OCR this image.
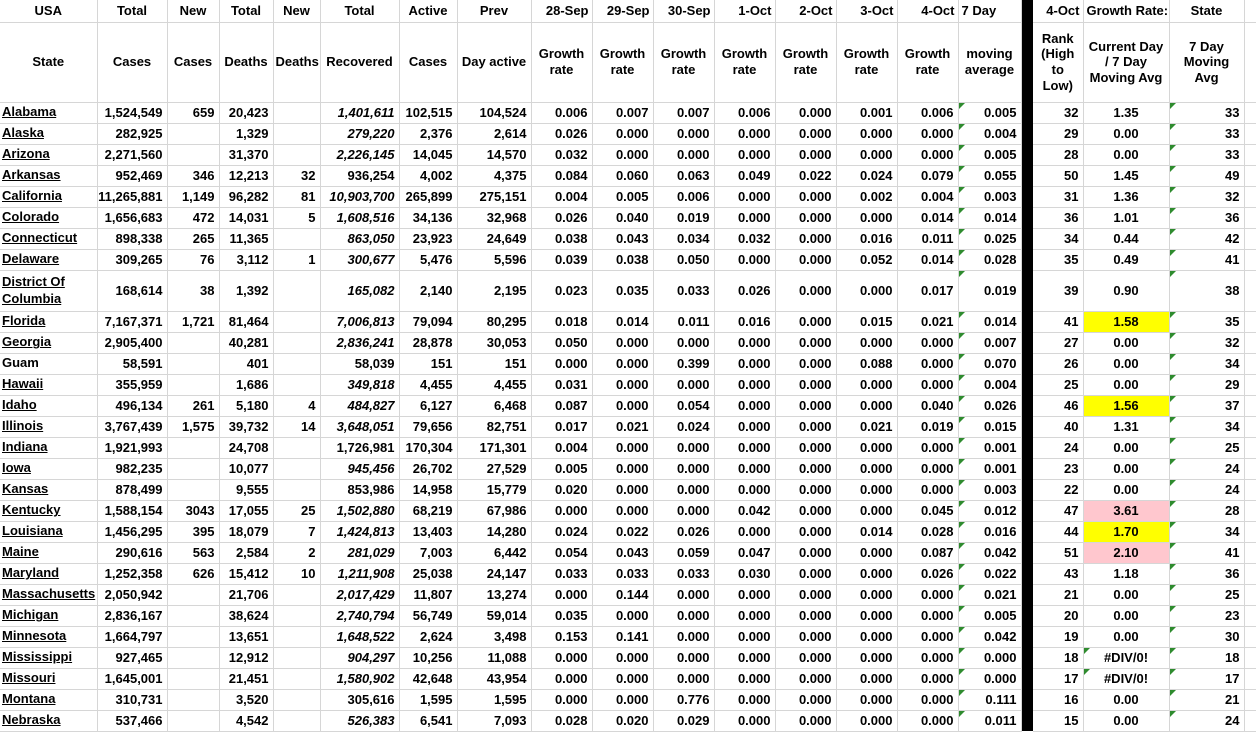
USA	Total	New	Total	New	Total	Active	Prev	28-Sep	29-Sep	30-Sep	1-Oct	2-Oct	3-Oct	4-Oct	7 Day		4-Oct	Growth Rate:	State	
State	Cases	Cases	Deaths	Deaths	Recovered	Cases	Day active	Growth rate	Growth rate	Growth rate	Growth rate	Growth rate	Growth rate	Growth rate	moving average		Rank (High to Low)	Current Day / 7 Day Moving Avg	7 Day Moving Avg	
Alabama	1,524,549	659	20,423		1,401,611	102,515	104,524	0.006	0.007	0.007	0.006	0.000	0.001	0.006	0.005		32	1.35	33	
Alaska	282,925		1,329		279,220	2,376	2,614	0.026	0.000	0.000	0.000	0.000	0.000	0.000	0.004		29	0.00	33	
Arizona	2,271,560		31,370		2,226,145	14,045	14,570	0.032	0.000	0.000	0.000	0.000	0.000	0.000	0.005		28	0.00	33	
Arkansas	952,469	346	12,213	32	936,254	4,002	4,375	0.084	0.060	0.063	0.049	0.022	0.024	0.079	0.055		50	1.45	49	
California	11,265,881	1,149	96,282	81	10,903,700	265,899	275,151	0.004	0.005	0.006	0.000	0.000	0.002	0.004	0.003		31	1.36	32	
Colorado	1,656,683	472	14,031	5	1,608,516	34,136	32,968	0.026	0.040	0.019	0.000	0.000	0.000	0.014	0.014		36	1.01	36	
Connecticut	898,338	265	11,365		863,050	23,923	24,649	0.038	0.043	0.034	0.032	0.000	0.016	0.011	0.025		34	0.44	42	
Delaware	309,265	76	3,112	1	300,677	5,476	5,596	0.039	0.038	0.050	0.000	0.000	0.052	0.014	0.028		35	0.49	41	
District Of Columbia	168,614	38	1,392		165,082	2,140	2,195	0.023	0.035	0.033	0.026	0.000	0.000	0.017	0.019		39	0.90	38	
Florida	7,167,371	1,721	81,464		7,006,813	79,094	80,295	0.018	0.014	0.011	0.016	0.000	0.015	0.021	0.014		41	1.58	35	
Georgia	2,905,400		40,281		2,836,241	28,878	30,053	0.050	0.000	0.000	0.000	0.000	0.000	0.000	0.007		27	0.00	32	
Guam	58,591		401		58,039	151	151	0.000	0.000	0.399	0.000	0.000	0.088	0.000	0.070		26	0.00	34	
Hawaii	355,959		1,686		349,818	4,455	4,455	0.031	0.000	0.000	0.000	0.000	0.000	0.000	0.004		25	0.00	29	
Idaho	496,134	261	5,180	4	484,827	6,127	6,468	0.087	0.000	0.054	0.000	0.000	0.000	0.040	0.026		46	1.56	37	
Illinois	3,767,439	1,575	39,732	14	3,648,051	79,656	82,751	0.017	0.021	0.024	0.000	0.000	0.021	0.019	0.015		40	1.31	34	
Indiana	1,921,993		24,708		1,726,981	170,304	171,301	0.004	0.000	0.000	0.000	0.000	0.000	0.000	0.001		24	0.00	25	
Iowa	982,235		10,077		945,456	26,702	27,529	0.005	0.000	0.000	0.000	0.000	0.000	0.000	0.001		23	0.00	24	
Kansas	878,499		9,555		853,986	14,958	15,779	0.020	0.000	0.000	0.000	0.000	0.000	0.000	0.003		22	0.00	24	
Kentucky	1,588,154	3043	17,055	25	1,502,880	68,219	67,986	0.000	0.000	0.000	0.042	0.000	0.000	0.045	0.012		47	3.61	28	
Louisiana	1,456,295	395	18,079	7	1,424,813	13,403	14,280	0.024	0.022	0.026	0.000	0.000	0.014	0.028	0.016		44	1.70	34	
Maine	290,616	563	2,584	2	281,029	7,003	6,442	0.054	0.043	0.059	0.047	0.000	0.000	0.087	0.042		51	2.10	41	
Maryland	1,252,358	626	15,412	10	1,211,908	25,038	24,147	0.033	0.033	0.033	0.030	0.000	0.000	0.026	0.022		43	1.18	36	
Massachusetts	2,050,942		21,706		2,017,429	11,807	13,274	0.000	0.144	0.000	0.000	0.000	0.000	0.000	0.021		21	0.00	25	
Michigan	2,836,167		38,624		2,740,794	56,749	59,014	0.035	0.000	0.000	0.000	0.000	0.000	0.000	0.005		20	0.00	23	
Minnesota	1,664,797		13,651		1,648,522	2,624	3,498	0.153	0.141	0.000	0.000	0.000	0.000	0.000	0.042		19	0.00	30	
Mississippi	927,465		12,912		904,297	10,256	11,088	0.000	0.000	0.000	0.000	0.000	0.000	0.000	0.000		18	#DIV/0!	18	
Missouri	1,645,001		21,451		1,580,902	42,648	43,954	0.000	0.000	0.000	0.000	0.000	0.000	0.000	0.000		17	#DIV/0!	17	
Montana	310,731		3,520		305,616	1,595	1,595	0.000	0.000	0.776	0.000	0.000	0.000	0.000	0.111		16	0.00	21	
Nebraska	537,466		4,542		526,383	6,541	7,093	0.028	0.020	0.029	0.000	0.000	0.000	0.000	0.011		15	0.00	24	
